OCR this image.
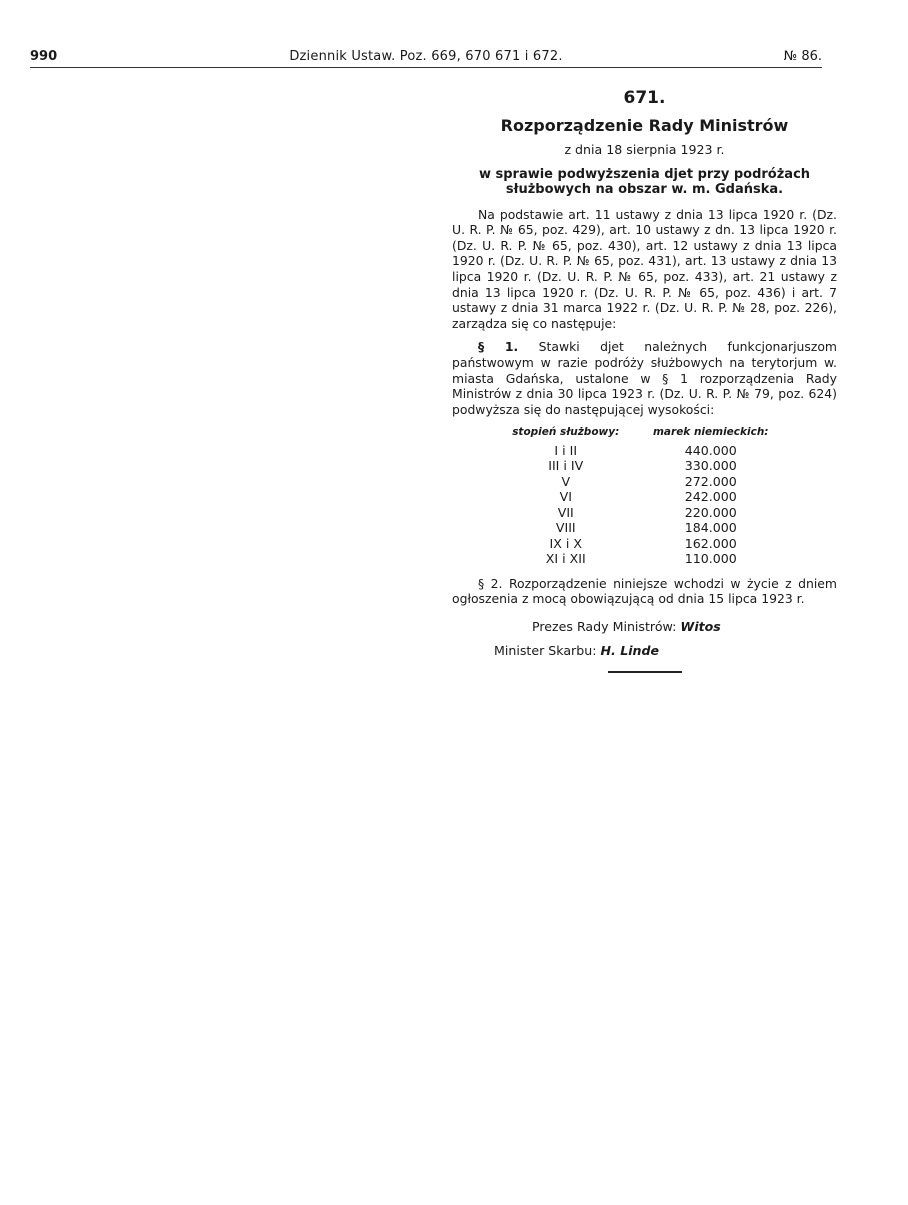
990	Dziennik Ustaw. Poz. 669, 670 671 i 672.	№ 86.
671.
Rozporządzenie Rady Ministrów
z dnia 18 sierpnia 1923 r.
w sprawie podwyższenia djet przy podróżach służbowych na obszar w. m. Gdańska.

Na podstawie art. 11 ustawy z dnia 13 lipca 1920 r. (Dz. U. R. P. № 65, poz. 429), art. 10 ustawy z dn. 13 lipca 1920 r. (Dz. U. R. P. № 65, poz. 430), art. 12 ustawy z dnia 13 lipca 1920 r. (Dz. U. R. P. № 65, poz. 431), art. 13 ustawy z dnia 13 lipca 1920 r. (Dz. U. R. P. № 65, poz. 433), art. 21 ustawy z dnia 13 lipca 1920 r. (Dz. U. R. P. № 65, poz. 436) i art. 7 ustawy z dnia 31 marca 1922 r. (Dz. U. R. P. № 28, poz. 226), zarządza się co następuje:

§ 1. Stawki djet należnych funkcjonarjuszom państwowym w razie podróży służbowych na terytorjum w. miasta Gdańska, ustalone w § 1 rozporządzenia Rady Ministrów z dnia 30 lipca 1923 r. (Dz. U. R. P. № 79, poz. 624) podwyższa się do następującej wysokości:

stopień służbowy:	marek niemieckich:
I i II	440.000
III i IV	330.000
V	272.000
VI	242.000
VII	220.000
VIII	184.000
IX i X	162.000
XI i XII	110.000

§ 2. Rozporządzenie niniejsze wchodzi w życie z dniem ogłoszenia z mocą obowiązującą od dnia 15 lipca 1923 r.

Prezes Rady Ministrów: Witos
Minister Skarbu: H. Linde
